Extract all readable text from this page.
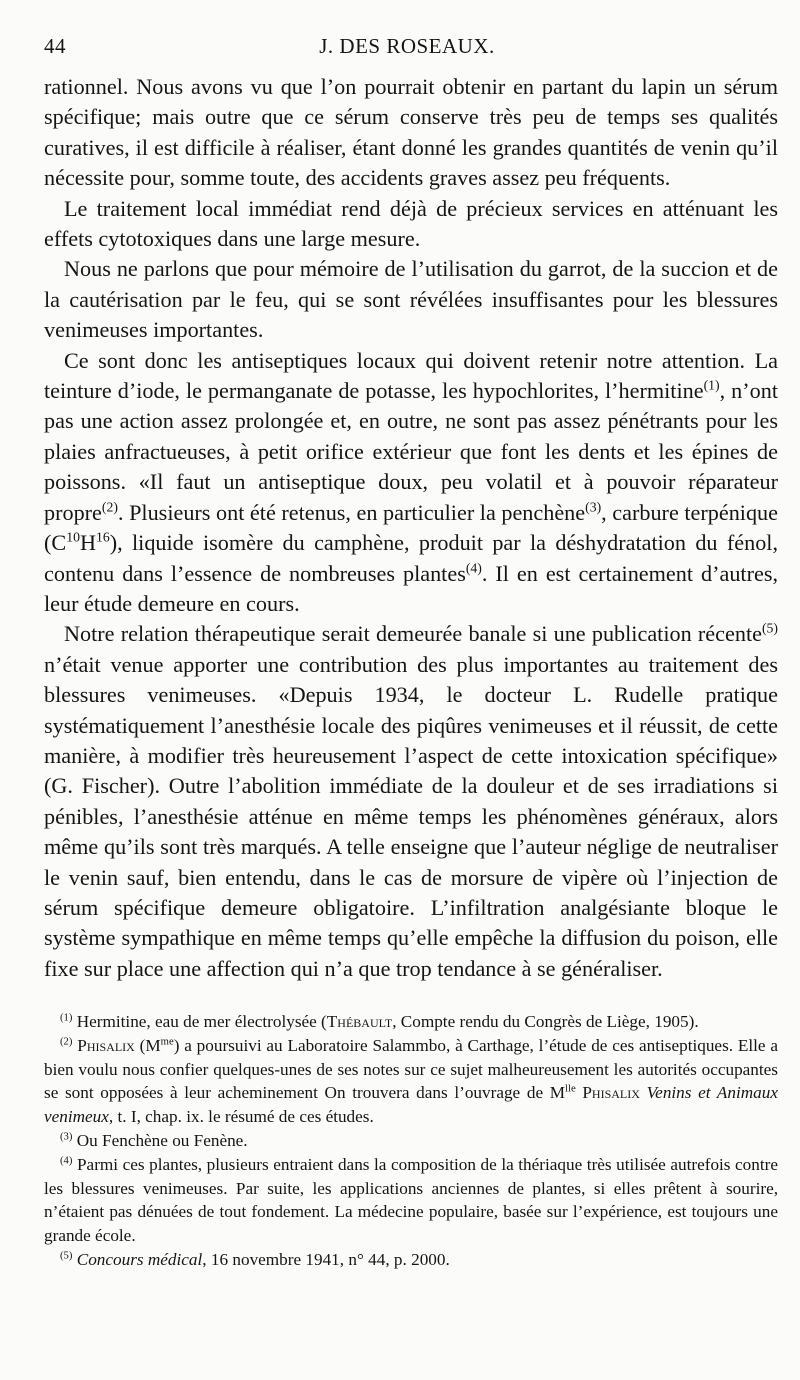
44	J. DES ROSEAUX.

rationnel. Nous avons vu que l’on pourrait obtenir en partant du lapin un sérum spécifique; mais outre que ce sérum conserve très peu de temps ses qualités curatives, il est difficile à réaliser, étant donné les grandes quantités de venin qu’il nécessite pour, somme toute, des accidents graves assez peu fréquents.

Le traitement local immédiat rend déjà de précieux services en atténuant les effets cytotoxiques dans une large mesure.

Nous ne parlons que pour mémoire de l’utilisation du garrot, de la succion et de la cautérisation par le feu, qui se sont révélées insuffisantes pour les blessures venimeuses importantes.

Ce sont donc les antiseptiques locaux qui doivent retenir notre attention. La teinture d’iode, le permanganate de potasse, les hypochlorites, l’hermitine$^{(1)}$, n’ont pas une action assez prolongée et, en outre, ne sont pas assez pénétrants pour les plaies anfractueuses, à petit orifice extérieur que font les dents et les épines de poissons. «Il faut un antiseptique doux, peu volatil et à pouvoir réparateur propre$^{(2)}$. Plusieurs ont été retenus, en particulier la penchène$^{(3)}$, carbure terpénique $(C^{10}H^{16})$, liquide isomère du camphène, produit par la déshydratation du fénol, contenu dans l’essence de nombreuses plantes$^{(4)}$. Il en est certainement d’autres, leur étude demeure en cours.

Notre relation thérapeutique serait demeurée banale si une publication récente$^{(5)}$ n’était venue apporter une contribution des plus importantes au traitement des blessures venimeuses. «Depuis 1934, le docteur L. Rudelle pratique systématiquement l’anesthésie locale des piqûres venimeuses et il réussit, de cette manière, à modifier très heureusement l’aspect de cette intoxication spécifique» (G. Fischer). Outre l’abolition immédiate de la douleur et de ses irradiations si pénibles, l’anesthésie atténue en même temps les phénomènes généraux, alors même qu’ils sont très marqués. A telle enseigne que l’auteur néglige de neutraliser le venin sauf, bien entendu, dans le cas de morsure de vipère où l’injection de sérum spécifique demeure obligatoire. L’infiltration analgésiante bloque le système sympathique en même temps qu’elle empêche la diffusion du poison, elle fixe sur place une affection qui n’a que trop tendance à se généraliser.

$^{(1)}$ Hermitine, eau de mer électrolysée (Thébault, Compte rendu du Congrès de Liège, 1905).

$^{(2)}$ Phisalix $(M^{me})$ a poursuivi au Laboratoire Salammbo, à Carthage, l’étude de ces antiseptiques. Elle a bien voulu nous confier quelques-unes de ses notes sur ce sujet malheureusement les autorités occupantes se sont opposées à leur acheminement On trouvera dans l’ouvrage de $M^{lle}$ Phisalix Venins et Animaux venimeux, t. I, chap. ix. le résumé de ces études.

$^{(3)}$ Ou Fenchène ou Fenène.

$^{(4)}$ Parmi ces plantes, plusieurs entraient dans la composition de la thériaque très utilisée autrefois contre les blessures venimeuses. Par suite, les applications anciennes de plantes, si elles prêtent à sourire, n’étaient pas dénuées de tout fondement. La médecine populaire, basée sur l’expérience, est toujours une grande école.

$^{(5)}$ Concours médical, 16 novembre 1941, n° 44, p. 2000.
